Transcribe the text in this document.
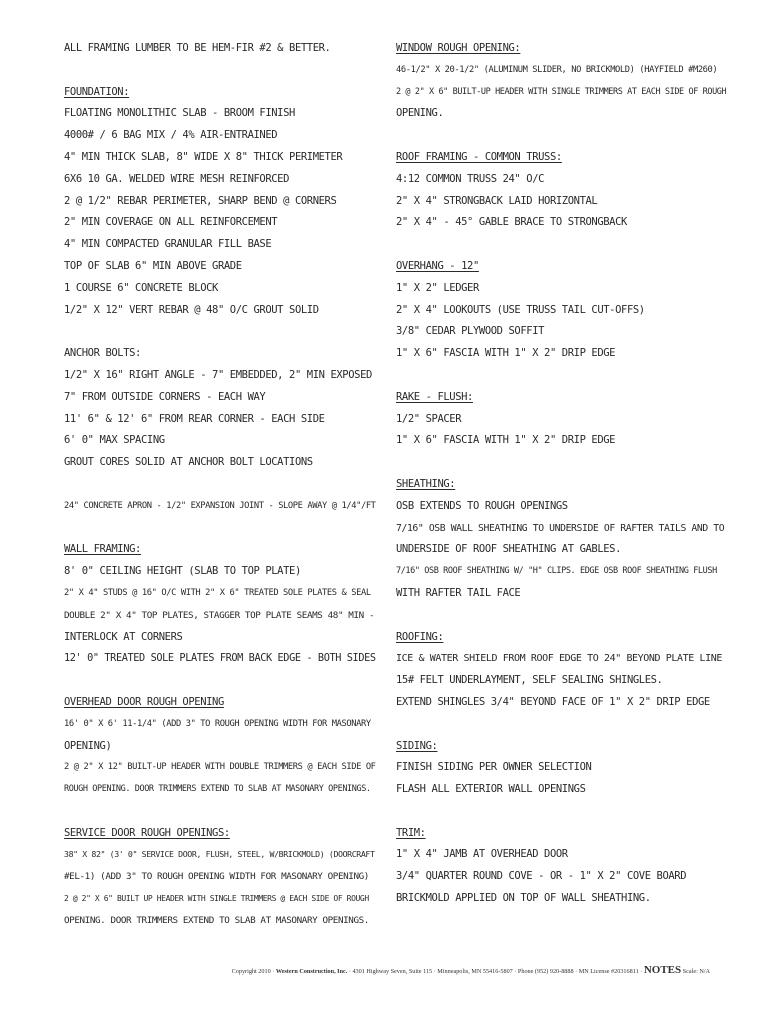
ALL FRAMING LUMBER TO BE HEM-FIR #2 & BETTER.
FOUNDATION:
FLOATING MONOLITHIC SLAB - BROOM FINISH
4000# / 6 BAG MIX / 4% AIR-ENTRAINED
4" MIN THICK SLAB, 8" WIDE X 8" THICK PERIMETER
6X6 10 GA. WELDED WIRE MESH REINFORCED
2 @ 1/2" REBAR PERIMETER, SHARP BEND @ CORNERS
2" MIN COVERAGE ON ALL REINFORCEMENT
4" MIN COMPACTED GRANULAR FILL BASE
TOP OF SLAB 6" MIN ABOVE GRADE
1 COURSE 6" CONCRETE BLOCK
1/2" X 12" VERT REBAR @ 48" O/C GROUT SOLID
ANCHOR BOLTS:
1/2" X 16" RIGHT ANGLE - 7" EMBEDDED, 2" MIN EXPOSED
7" FROM OUTSIDE CORNERS - EACH WAY
11' 6" & 12' 6" FROM REAR CORNER - EACH SIDE
6' 0" MAX SPACING
GROUT CORES SOLID AT ANCHOR BOLT LOCATIONS
24" CONCRETE APRON - 1/2" EXPANSION JOINT - SLOPE AWAY @ 1/4"/FT
WALL FRAMING:
8' 0" CEILING HEIGHT (SLAB TO TOP PLATE)
2" X 4" STUDS @ 16" O/C WITH 2" X 6" TREATED SOLE PLATES & SEAL
DOUBLE 2" X 4" TOP PLATES, STAGGER TOP PLATE SEAMS 48" MIN -
INTERLOCK AT CORNERS
12' 0" TREATED SOLE PLATES FROM BACK EDGE - BOTH SIDES
OVERHEAD DOOR ROUGH OPENING
16' 0" X 6' 11-1/4" (ADD 3" TO ROUGH OPENING WIDTH FOR MASONARY
OPENING)
2 @ 2" X 12" BUILT-UP HEADER WITH DOUBLE TRIMMERS @ EACH SIDE OF
ROUGH OPENING. DOOR TRIMMERS EXTEND TO SLAB AT MASONARY OPENINGS.
SERVICE DOOR ROUGH OPENINGS:
38" X 82" (3' 0" SERVICE DOOR, FLUSH, STEEL, W/BRICKMOLD) (DOORCRAFT
#EL-1) (ADD 3" TO ROUGH OPENING WIDTH FOR MASONARY OPENING)
2 @ 2" X 6" BUILT UP HEADER WITH SINGLE TRIMMERS @ EACH SIDE OF ROUGH
OPENING. DOOR TRIMMERS EXTEND TO SLAB AT MASONARY OPENINGS.
WINDOW ROUGH OPENING:
46-1/2" X 20-1/2" (ALUMINUM SLIDER, NO BRICKMOLD) (HAYFIELD #M260)
2 @ 2" X 6" BUILT-UP HEADER WITH SINGLE TRIMMERS AT EACH SIDE OF ROUGH
OPENING.
ROOF FRAMING - COMMON TRUSS:
4:12 COMMON TRUSS 24" O/C
2" X 4" STRONGBACK LAID HORIZONTAL
2" X 4" - 45° GABLE BRACE TO STRONGBACK
OVERHANG - 12"
1" X 2" LEDGER
2" X 4" LOOKOUTS (USE TRUSS TAIL CUT-OFFS)
3/8" CEDAR PLYWOOD SOFFIT
1" X 6" FASCIA WITH 1" X 2" DRIP EDGE
RAKE - FLUSH:
1/2" SPACER
1" X 6" FASCIA WITH 1" X 2" DRIP EDGE
SHEATHING:
OSB EXTENDS TO ROUGH OPENINGS
7/16" OSB WALL SHEATHING TO UNDERSIDE OF RAFTER TAILS AND TO
UNDERSIDE OF ROOF SHEATHING AT GABLES.
7/16" OSB ROOF SHEATHING W/ "H" CLIPS. EDGE OSB ROOF SHEATHING FLUSH
WITH RAFTER TAIL FACE
ROOFING:
ICE & WATER SHIELD FROM ROOF EDGE TO 24" BEYOND PLATE LINE
15# FELT UNDERLAYMENT, SELF SEALING SHINGLES.
EXTEND SHINGLES 3/4" BEYOND FACE OF 1" X 2" DRIP EDGE
SIDING:
FINISH SIDING PER OWNER SELECTION
FLASH ALL EXTERIOR WALL OPENINGS
TRIM:
1" X 4" JAMB AT OVERHEAD DOOR
3/4" QUARTER ROUND COVE - OR - 1" X 2" COVE BOARD
BRICKMOLD APPLIED ON TOP OF WALL SHEATHING.
Copyright 2010 · Western Construction, Inc. · 4301 Highway Seven, Suite 115 · Minneapolis, MN 55416-5807 · Phone (952) 920-8888 · MN License #20316811 · NOTES Scale: N/A
